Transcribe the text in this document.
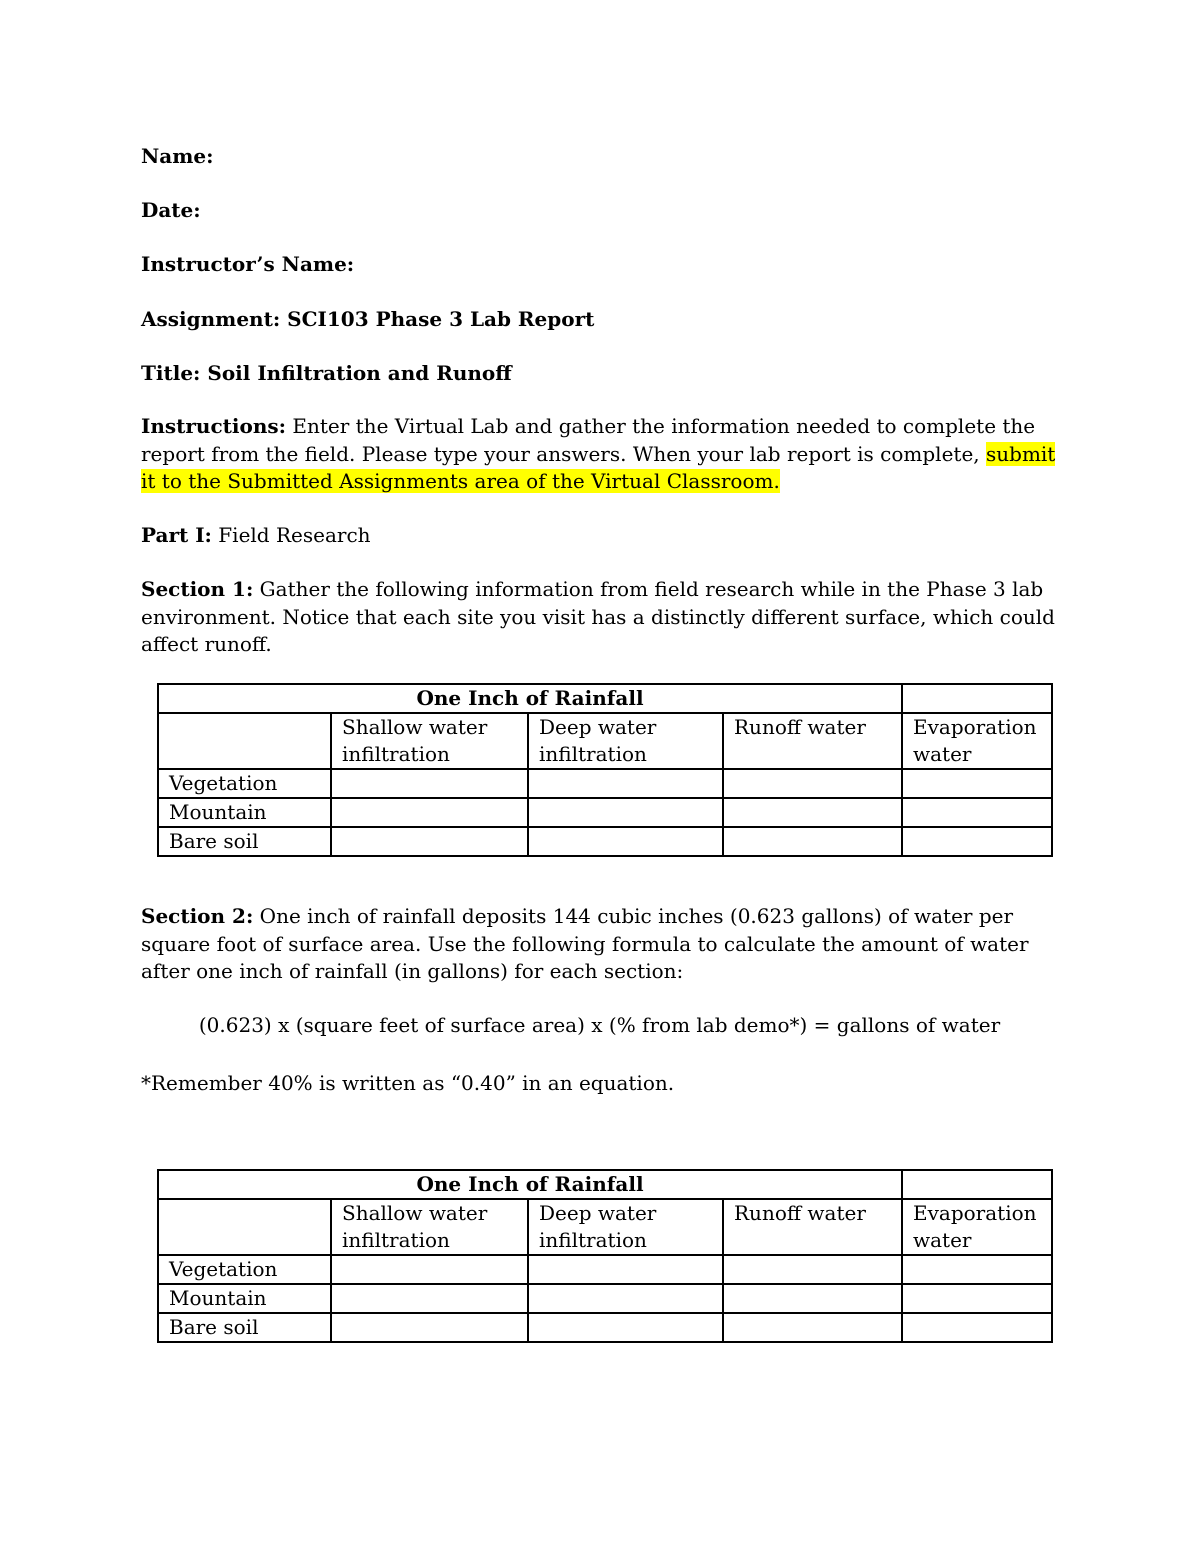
Name:
Date:
Instructor’s Name:
Assignment: SCI103 Phase 3 Lab Report
Title: Soil Infiltration and Runoff
Instructions: Enter the Virtual Lab and gather the information needed to complete the report from the field. Please type your answers. When your lab report is complete, submit it to the Submitted Assignments area of the Virtual Classroom.
Part I: Field Research
Section 1: Gather the following information from field research while in the Phase 3 lab environment. Notice that each site you visit has a distinctly different surface, which could affect runoff.
One Inch of Rainfall				
	Shallow water infiltration	Deep water infiltration	Runoff water	Evaporation water
Vegetation				
Mountain				
Bare soil				
Section 2: One inch of rainfall deposits 144 cubic inches (0.623 gallons) of water per square foot of surface area. Use the following formula to calculate the amount of water after one inch of rainfall (in gallons) for each section:
(0.623) x (square feet of surface area) x (% from lab demo*) = gallons of water
*Remember 40% is written as “0.40” in an equation.
One Inch of Rainfall				
	Shallow water infiltration	Deep water infiltration	Runoff water	Evaporation water
Vegetation				
Mountain				
Bare soil				
